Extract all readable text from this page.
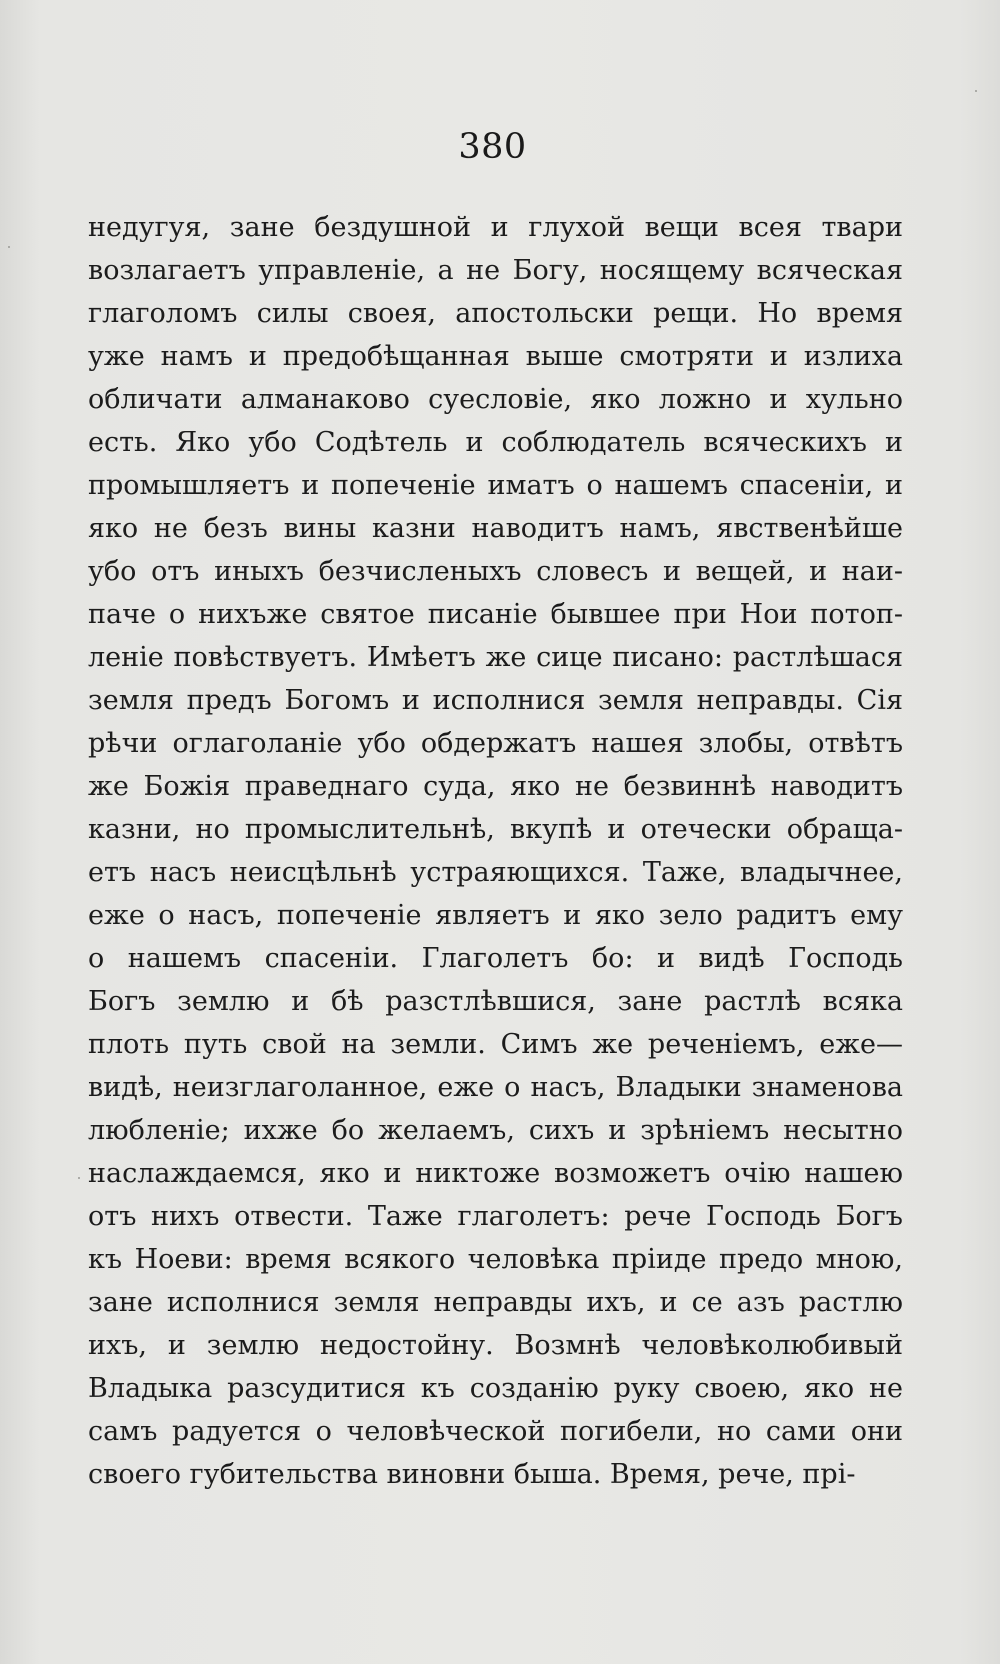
380
недугуя, зане бездушной и глухой вещи всея твари
возлагаетъ управленіе, а не Богу, носящему всяческая
глаголомъ силы своея, апостольски рещи. Но время
уже намъ и предобѣщанная выше смотряти и излиха
обличати алманаково суесловіе, яко ложно и хульно
есть. Яко убо Содѣтель и соблюдатель всяческихъ и
промышляетъ и попеченіе иматъ о нашемъ спасеніи, и
яко не безъ вины казни наводитъ намъ, явственѣйше
убо отъ иныхъ безчисленыхъ словесъ и вещей, и наи-
паче о нихъже святое писаніе бывшее при Нои потоп-
леніе повѣствуетъ. Имѣетъ же сице писано: растлѣшася
земля предъ Богомъ и исполнися земля неправды. Сія
рѣчи оглаголаніе убо обдержатъ нашея злобы, отвѣтъ
же Божія праведнаго суда, яко не безвиннѣ наводитъ
казни, но промыслительнѣ, вкупѣ и отечески обраща-
етъ насъ неисцѣльнѣ устраяющихся. Таже, владычнее,
еже о насъ, попеченіе являетъ и яко зело радитъ ему
о нашемъ спасеніи. Глаголетъ бо: и видѣ Господь
Богъ землю и бѣ разстлѣвшися, зане растлѣ всяка
плоть путь свой на земли. Симъ же реченіемъ, еже—
видѣ, неизглаголанное, еже о насъ, Владыки знаменова
любленіе; ихже бо желаемъ, сихъ и зрѣніемъ несытно
наслаждаемся, яко и никтоже возможетъ очію нашею
отъ нихъ отвести. Таже глаголетъ: рече Господь Богъ
къ Ноеви: время всякого человѣка пріиде предо мною,
зане исполнися земля неправды ихъ, и се азъ растлю
ихъ, и землю недостойну. Возмнѣ человѣколюбивый
Владыка разсудитися къ созданію руку своею, яко не
самъ радуется о человѣческой погибели, но сами они
своего губительства виновни быша. Время, рече, прі-
